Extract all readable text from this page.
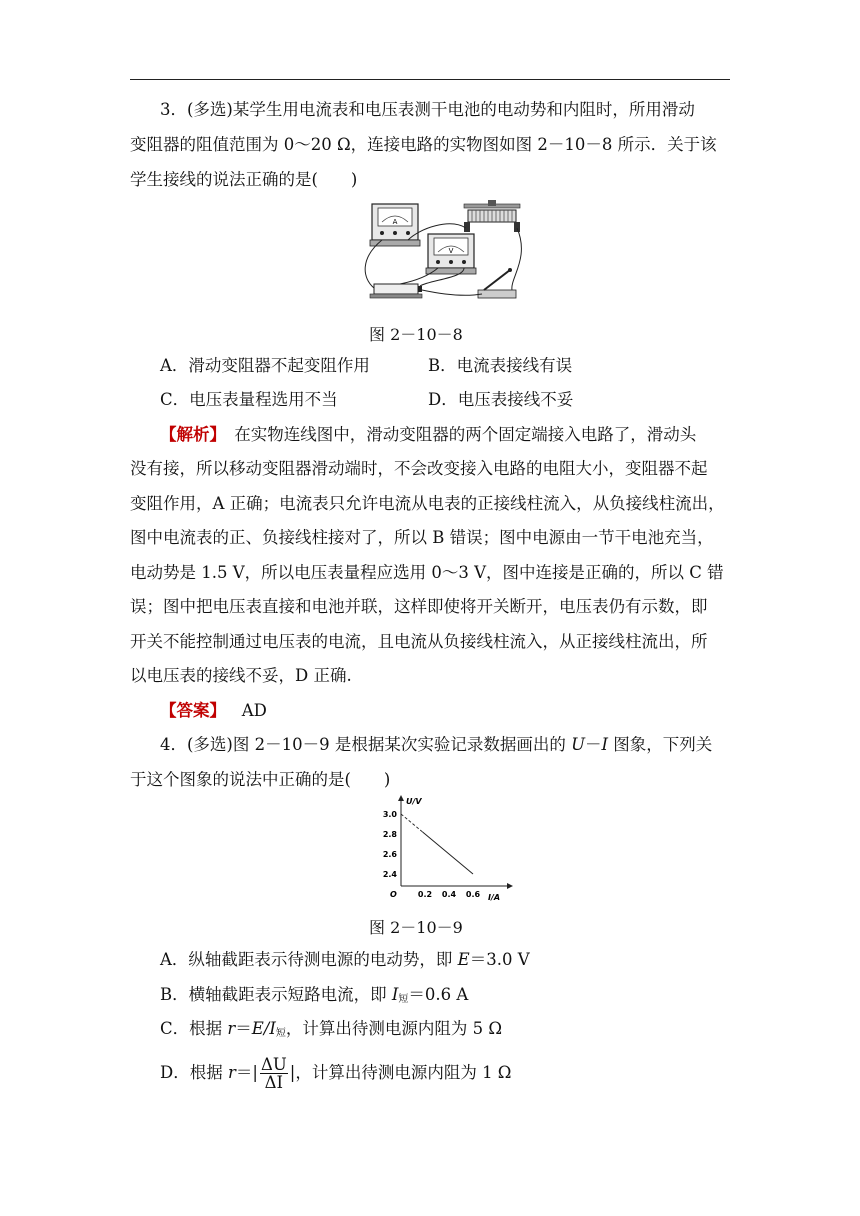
3．(多选)某学生用电流表和电压表测干电池的电动势和内阻时，所用滑动
变阻器的阻值范围为 0～20 Ω，连接电路的实物图如图 2－10－8 所示．关于该
学生接线的说法正确的是(　　)
A
V
图 2－10－8
A．滑动变阻器不起变阻作用	B．电流表接线有误
C．电压表量程选用不当	D．电压表接线不妥
【解析】　在实物连线图中，滑动变阻器的两个固定端接入电路了，滑动头
没有接，所以移动变阻器滑动端时，不会改变接入电路的电阻大小，变阻器不起
变阻作用，A 正确；电流表只允许电流从电表的正接线柱流入，从负接线柱流出，
图中电流表的正、负接线柱接对了，所以 B 错误；图中电源由一节干电池充当，
电动势是 1.5 V，所以电压表量程应选用 0～3 V，图中连接是正确的，所以 C 错
误；图中把电压表直接和电池并联，这样即使将开关断开，电压表仍有示数，即
开关不能控制通过电压表的电流，且电流从负接线柱流入，从正接线柱流出，所
以电压表的接线不妥，D 正确.
【答案】 AD
4．(多选)图 2－10－9 是根据某次实验记录数据画出的 U－I 图象，下列关
于这个图象的说法中正确的是(　　)
U/V
I/A
O
2.4
2.6
2.8
3.0
0.2 0.4 0.6
图 2－10－9
A．纵轴截距表示待测电源的电动势，即 E＝3.0 V
B．横轴截距表示短路电流，即 $I_短=0.6$ A
C．根据 $r=E/I_短$，计算出待测电源内阻为 5 Ω
D．根据 $r=| \frac{\Delta U}{\Delta I}$ |，计算出待测电源内阻为 1 Ω
